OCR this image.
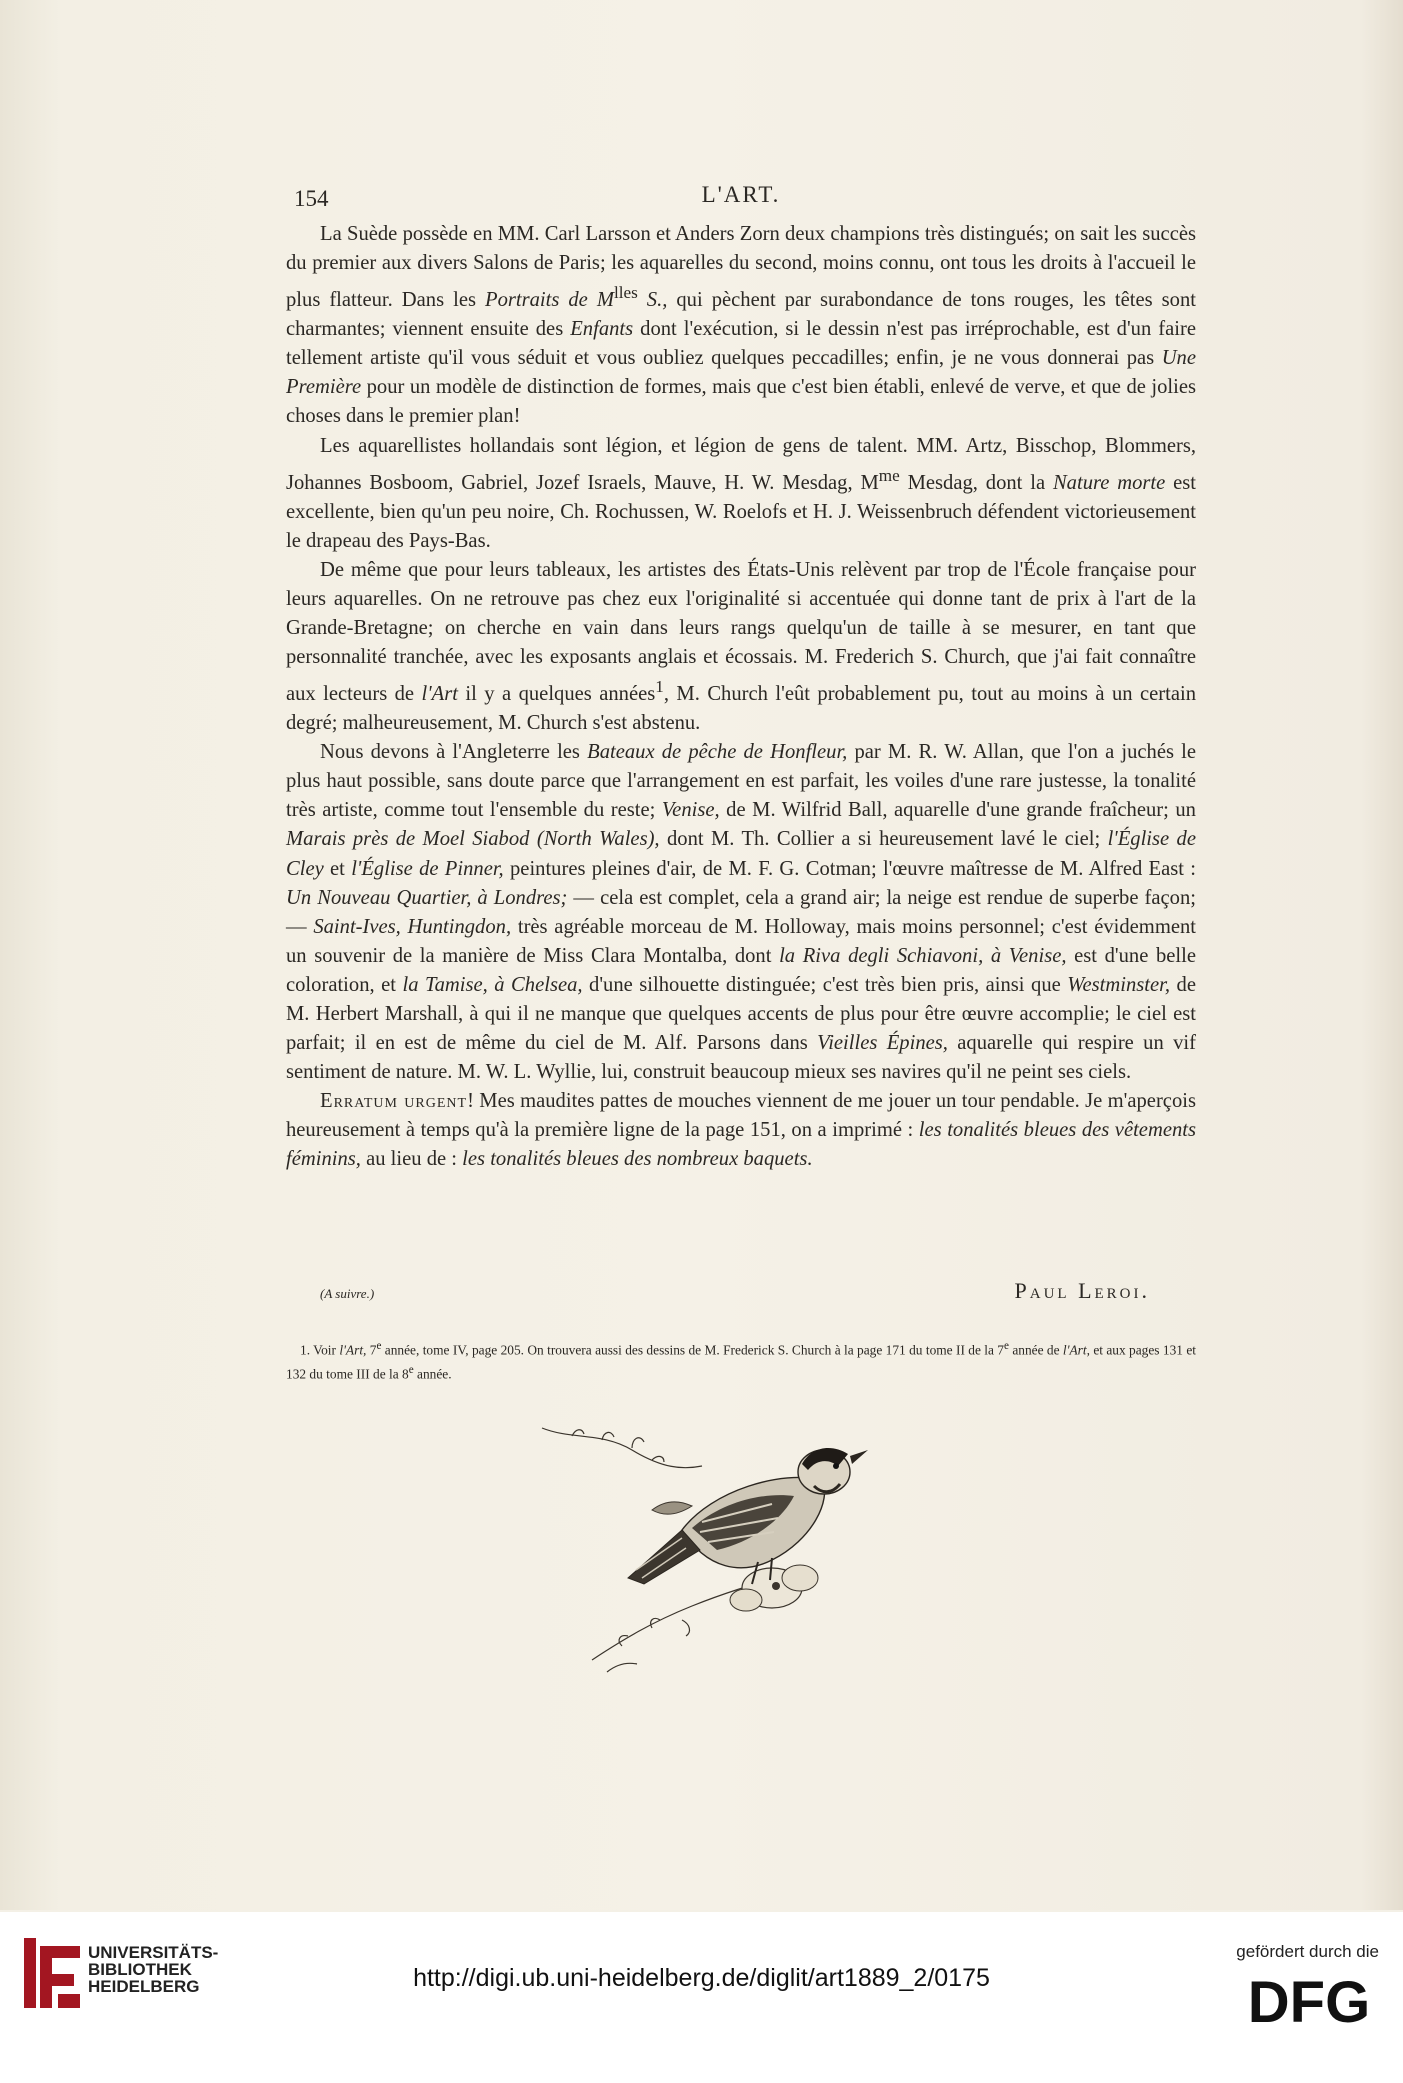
154	L'ART.

La Suède possède en MM. Carl Larsson et Anders Zorn deux champions très distingués; on sait les succès du premier aux divers Salons de Paris; les aquarelles du second, moins connu, ont tous les droits à l'accueil le plus flatteur. Dans les Portraits de $M^{lles}$ S., qui pèchent par surabondance de tons rouges, les têtes sont charmantes; viennent ensuite des Enfants dont l'exécution, si le dessin n'est pas irréprochable, est d'un faire tellement artiste qu'il vous séduit et vous oubliez quelques peccadilles; enfin, je ne vous donnerai pas Une Première pour un modèle de distinction de formes, mais que c'est bien établi, enlevé de verve, et que de jolies choses dans le premier plan!

Les aquarellistes hollandais sont légion, et légion de gens de talent. MM. Artz, Bisschop, Blommers, Johannes Bosboom, Gabriel, Jozef Israels, Mauve, H. W. Mesdag, $M^{me}$ Mesdag, dont la Nature morte est excellente, bien qu'un peu noire, Ch. Rochussen, W. Roelofs et H. J. Weissenbruch défendent victorieusement le drapeau des Pays-Bas.

De même que pour leurs tableaux, les artistes des États-Unis relèvent par trop de l'École française pour leurs aquarelles. On ne retrouve pas chez eux l'originalité si accentuée qui donne tant de prix à l'art de la Grande-Bretagne; on cherche en vain dans leurs rangs quelqu'un de taille à se mesurer, en tant que personnalité tranchée, avec les exposants anglais et écossais. M. Frederich S. Church, que j'ai fait connaître aux lecteurs de l'Art il y a quelques années$^1$, M. Church l'eût probablement pu, tout au moins à un certain degré; malheureusement, M. Church s'est abstenu.

Nous devons à l'Angleterre les Bateaux de pêche de Honfleur, par M. R. W. Allan, que l'on a juchés le plus haut possible, sans doute parce que l'arrangement en est parfait, les voiles d'une rare justesse, la tonalité très artiste, comme tout l'ensemble du reste; Venise, de M. Wilfrid Ball, aquarelle d'une grande fraîcheur; un Marais près de Moel Siabod (North Wales), dont M. Th. Collier a si heureusement lavé le ciel; l'Église de Cley et l'Église de Pinner, peintures pleines d'air, de M. F. G. Cotman; l'œuvre maîtresse de M. Alfred East : Un Nouveau Quartier, à Londres; — cela est complet, cela a grand air; la neige est rendue de superbe façon; — Saint-Ives, Huntingdon, très agréable morceau de M. Holloway, mais moins personnel; c'est évidemment un souvenir de la manière de Miss Clara Montalba, dont la Riva degli Schiavoni, à Venise, est d'une belle coloration, et la Tamise, à Chelsea, d'une silhouette distinguée; c'est très bien pris, ainsi que Westminster, de M. Herbert Marshall, à qui il ne manque que quelques accents de plus pour être œuvre accomplie; le ciel est parfait; il en est de même du ciel de M. Alf. Parsons dans Vieilles Épines, aquarelle qui respire un vif sentiment de nature. M. W. L. Wyllie, lui, construit beaucoup mieux ses navires qu'il ne peint ses ciels.

Erratum urgent! Mes maudites pattes de mouches viennent de me jouer un tour pendable. Je m'aperçois heureusement à temps qu'à la première ligne de la page 151, on a imprimé : les tonalités bleues des vêtements féminins, au lieu de : les tonalités bleues des nombreux baquets.

(A suivre.)	Paul Leroi.
1. Voir l'Art, 7e année, tome IV, page 205. On trouvera aussi des dessins de M. Frederick S. Church à la page 171 du tome II de la 7e année de l'Art, et aux pages 131 et 132 du tome III de la 8e année.
UNIVERSITÄTS-
BIBLIOTHEK
HEIDELBERG	http://digi.ub.uni-heidelberg.de/diglit/art1889_2/0175
gefördert durch die
DFG
